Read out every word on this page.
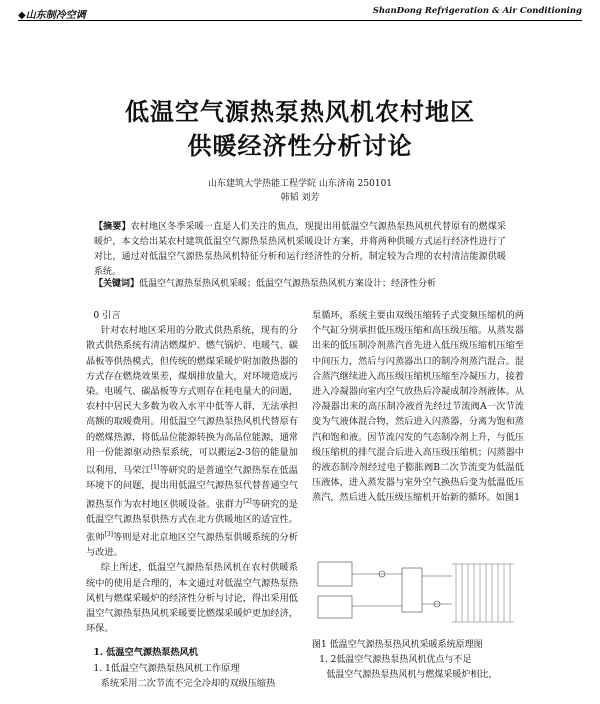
◆山东制冷空调	ShanDong Refrigeration & Air Conditioning
低温空气源热泵热风机农村地区
供暖经济性分析讨论
山东建筑大学热能工程学院 山东济南 250101
韩韬 刘芳
【摘要】农村地区冬季采暖一直是人们关注的焦点，现提出用低温空气源热泵热风机代替原有的燃煤采暖炉，本文给出某农村建筑低温空气源热泵热风机采暖设计方案，并将两种供暖方式运行经济性进行了对比，通过对低温空气源热泵热风机特征分析和运行经济性的分析，制定较为合理的农村清洁能源供暖系统。
【关键词】低温空气源热泵热风机采暖；低温空气源热泵热风机方案设计；经济性分析

0 引言

针对农村地区采用的分散式供热系统，现有的分散式供热系统有清洁燃煤炉、燃气锅炉、电暖气、碳晶板等供热模式，但传统的燃煤采暖炉附加散热器的方式存在燃烧效果差，煤烟排放量大，对环境造成污染。电暖气、碳晶板等方式则存在耗电量大的问题，农村中居民大多数为收入水平中低等人群，无法承担高额的取暖费用。用低温空气源热泵热风机代替原有的燃煤热源，将低品位能源转换为高品位能源，通常用一份能源驱动热泵系统，可以搬运2-3倍的能量加以利用，马荣江[1]等研究的是普通空气源热泵在低温环境下的问题，提出用低温空气源热泵代替普通空气源热泵作为农村地区供暖设备。张群力[2]等研究的是低温空气源热泵供热方式在北方供暖地区的适宜性。张帅[3]等则是对北京地区空气源热泵供暖系统的分析与改进。

综上所述，低温空气源热泵热风机在农村供暖系统中的使用是合理的，本文通过对低温空气源热泵热风机与燃煤采暖炉的经济性分析与讨论，得出采用低温空气源热泵热风机采暖要比燃煤采暖炉更加经济，环保。

1. 低温空气源热泵热风机

1. 1低温空气源热泵热风机工作原理

系统采用二次节流不完全冷却的双级压缩热

泵循环，系统主要由双级压缩转子式变频压缩机的两个气缸分别承担低压级压缩和高压级压缩。从蒸发器出来的低压制冷剂蒸汽首先进入低压级压缩机压缩至中间压力，然后与闪蒸器出口的制冷剂蒸汽混合。混合蒸汽继续进入高压级压缩机压缩至冷凝压力，接着进入冷凝器向室内空气放热后冷凝成制冷剂液体。从冷凝器出来的高压制冷液首先经过节流阀A一次节流变为气液体混合物，然后进入闪蒸器，分离为饱和蒸汽和饱和液。因节流闪发的气态制冷剂上升，与低压级压缩机的排气混合后进入高压级压缩机；闪蒸器中的液态制冷剂经过电子膨胀阀B二次节流变为低温低压液体，进入蒸发器与室外空气换热后变为低温低压蒸汽，然后进入低压级压缩机开始新的循环。如图1

图1 低温空气源热泵热风机采暖系统原理图

1. 2低温空气源热泵热风机优点与不足

低温空气源热泵热风机与燃煤采暖炉相比，
